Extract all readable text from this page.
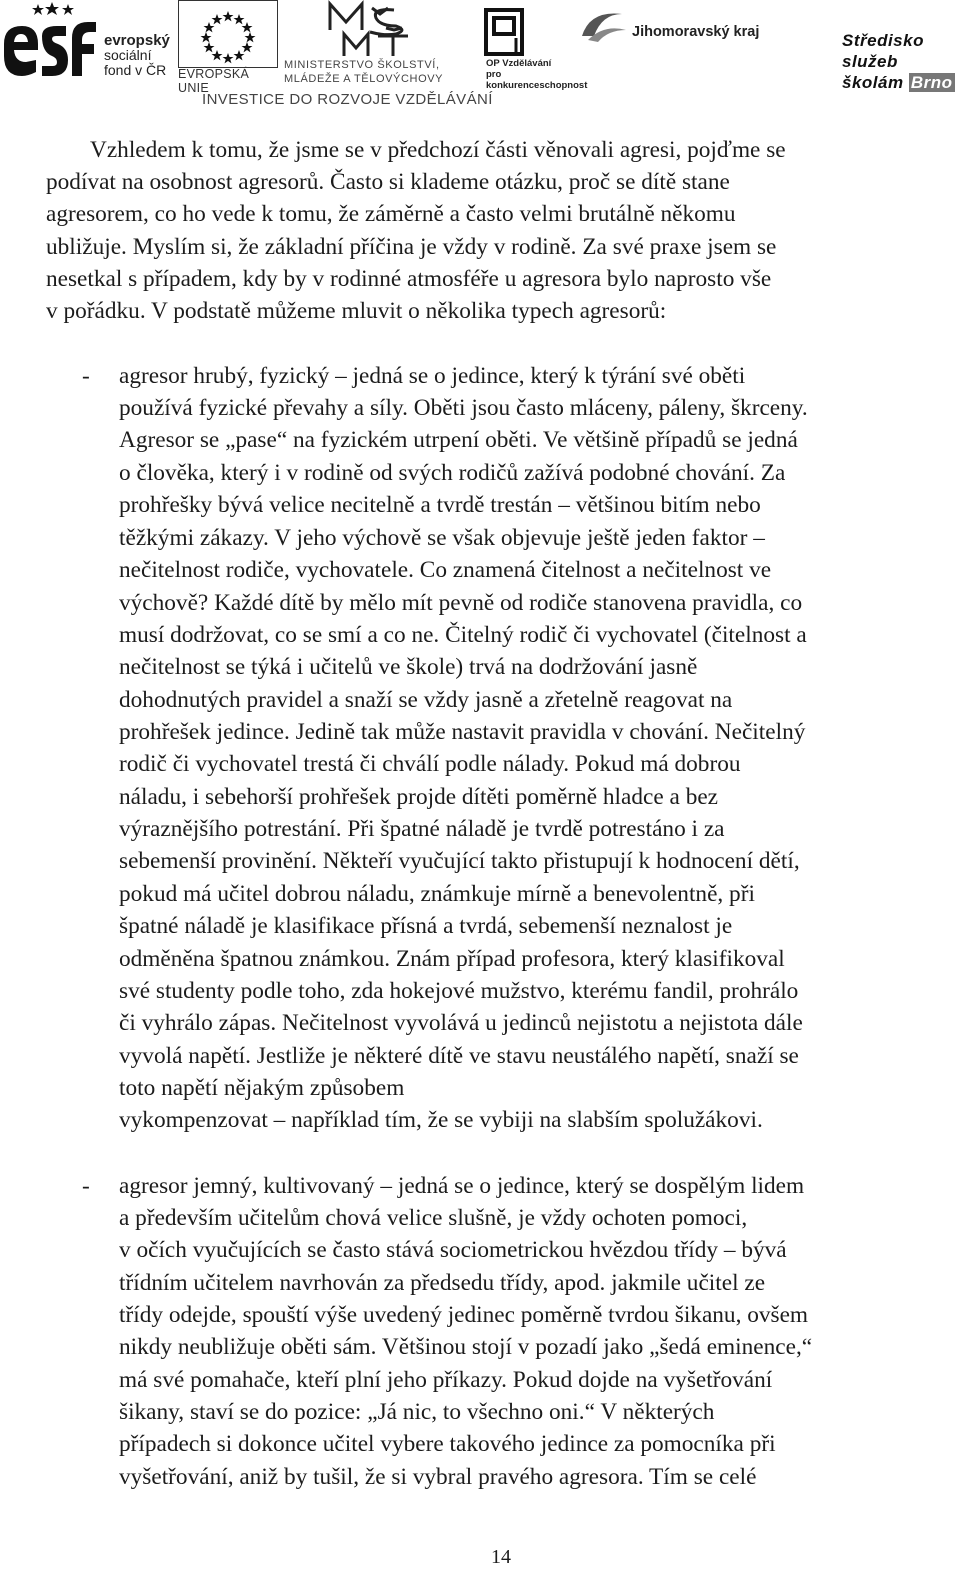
evropský
sociální
fond v ČR EVROPSKÁ UNIE
MINISTERSTVO ŠKOLSTVÍ,
MLÁDEŽE A TĚLOVÝCHOVY
OP Vzdělávání
pro konkurenceschopnost
Jihomoravský kraj	Středisko služeb
školám Brno
INVESTICE DO ROZVOJE VZDĚLÁVÁNÍ
Vzhledem k tomu, že jsme se v předchozí části věnovali agresi, pojďme se
podívat na osobnost agresorů. Často si klademe otázku, proč se dítě stane
agresorem, co ho vede k tomu, že záměrně a často velmi brutálně někomu
ubližuje. Myslím si, že základní příčina je vždy v rodině. Za své praxe jsem se
nesetkal s případem, kdy by v rodinné atmosféře u agresora bylo naprosto vše
v pořádku. V podstatě můžeme mluvit o několika typech agresorů:
- agresor hrubý, fyzický – jedná se o jedince, který k týrání své oběti
používá fyzické převahy a síly. Oběti jsou často mláceny, páleny, škrceny.
Agresor se „pase“ na fyzickém utrpení oběti. Ve většině případů se jedná
o člověka, který i v rodině od svých rodičů zažívá podobné chování. Za
prohřešky bývá velice necitelně a tvrdě trestán – většinou bitím nebo
těžkými zákazy. V jeho výchově se však objevuje ještě jeden faktor –
nečitelnost rodiče, vychovatele. Co znamená čitelnost a nečitelnost ve
výchově? Každé dítě by mělo mít pevně od rodiče stanovena pravidla, co
musí dodržovat, co se smí a co ne. Čitelný rodič či vychovatel (čitelnost a
nečitelnost se týká i učitelů ve škole) trvá na dodržování jasně
dohodnutých pravidel a snaží se vždy jasně a zřetelně reagovat na
prohřešek jedince. Jedině tak může nastavit pravidla v chování. Nečitelný
rodič či vychovatel trestá či chválí podle nálady. Pokud má dobrou
náladu, i sebehorší prohřešek projde dítěti poměrně hladce a bez
výraznějšího potrestání. Při špatné náladě je tvrdě potrestáno i za
sebemenší provinění. Někteří vyučující takto přistupují k hodnocení dětí,
pokud má učitel dobrou náladu, známkuje mírně a benevolentně, při
špatné náladě je klasifikace přísná a tvrdá, sebemenší neznalost je
odměněna špatnou známkou. Znám případ profesora, který klasifikoval
své studenty podle toho, zda hokejové mužstvo, kterému fandil, prohrálo
či vyhrálo zápas. Nečitelnost vyvolává u jedinců nejistotu a nejistota dále
vyvolá napětí. Jestliže je některé dítě ve stavu neustálého napětí, snaží se
toto napětí nějakým způsobem
vykompenzovat – například tím, že se vybiji na slabším spolužákovi.
- agresor jemný, kultivovaný – jedná se o jedince, který se dospělým lidem
a především učitelům chová velice slušně, je vždy ochoten pomoci,
v očích vyučujících se často stává sociometrickou hvězdou třídy – bývá
třídním učitelem navrhován za předsedu třídy, apod. jakmile učitel ze
třídy odejde, spouští výše uvedený jedinec poměrně tvrdou šikanu, ovšem
nikdy neubližuje oběti sám. Většinou stojí v pozadí jako „šedá eminence,“
má své pomahače, kteří plní jeho příkazy. Pokud dojde na vyšetřování
šikany, staví se do pozice: „Já nic, to všechno oni.“ V některých
případech si dokonce učitel vybere takového jedince za pomocníka při
vyšetřování, aniž by tušil, že si vybral pravého agresora. Tím se celé
14
